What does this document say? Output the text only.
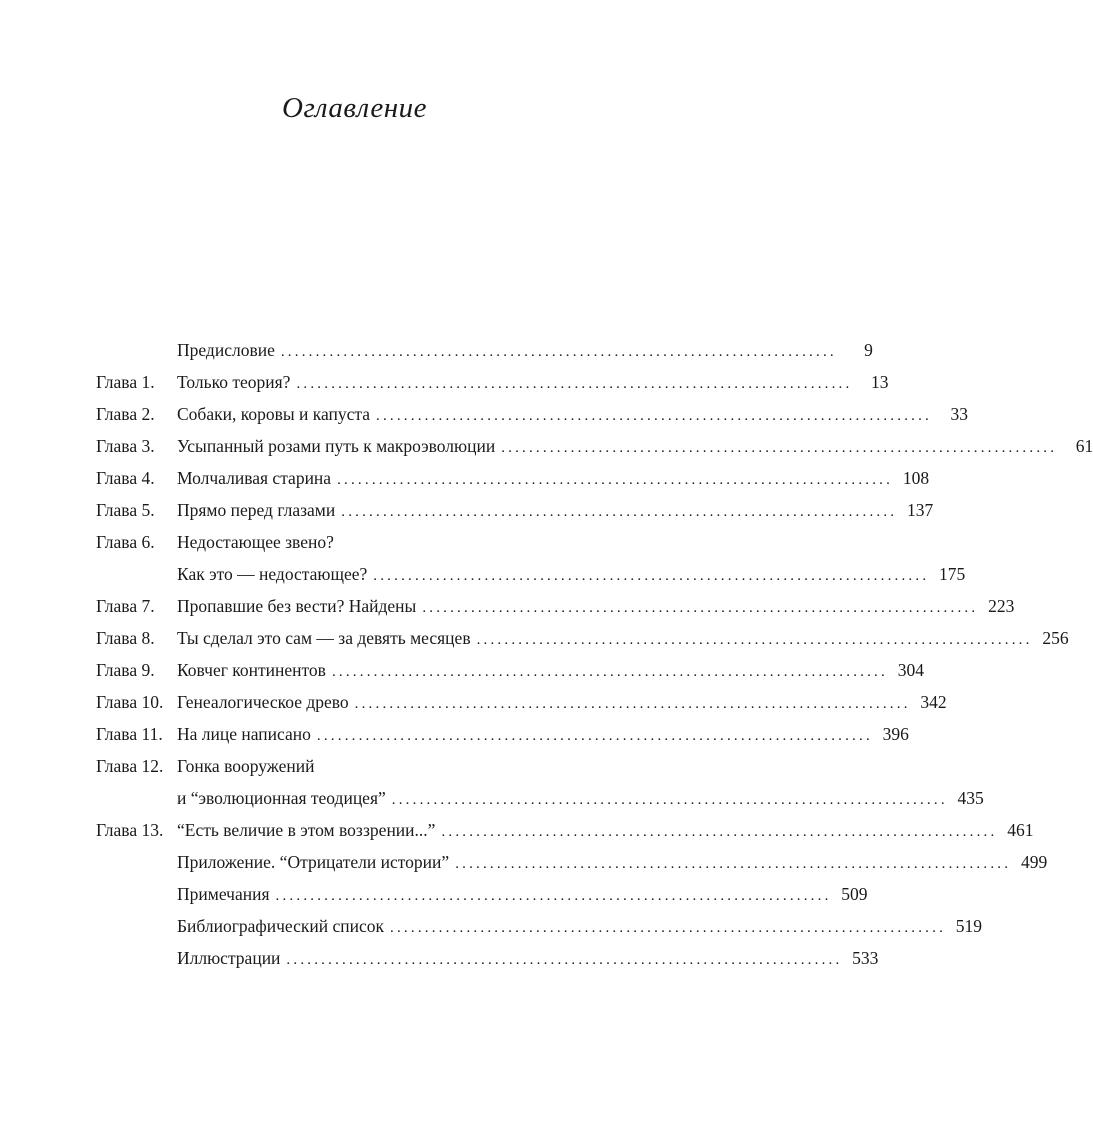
Оглавление
Предисловие ................................................................................	9
Глава 1. Только теория? ................................................................................	13
Глава 2. Собаки, коровы и капуста ................................................................................	33
Глава 3. Усыпанный розами путь к макроэволюции ................................................................................	61
Глава 4. Молчаливая старина ................................................................................ 108
Глава 5. Прямо перед глазами ................................................................................ 137
Глава 6. Недостающее звено?
Как это — недостающее? ................................................................................ 175
Глава 7. Пропавшие без вести? Найдены ................................................................................ 223
Глава 8. Ты сделал это сам — за девять месяцев ................................................................................ 256
Глава 9. Ковчег континентов ................................................................................ 304
Глава 10. Генеалогическое древо ................................................................................ 342
Глава 11. На лице написано ................................................................................ 396
Глава 12. Гонка вооружений
и “эволюционная теодицея” ................................................................................ 435
Глава 13. “Есть величие в этом воззрении...” ................................................................................ 461
Приложение. “Отрицатели истории” ................................................................................ 499
Примечания ................................................................................ 509
Библиографический список ................................................................................ 519
Иллюстрации ................................................................................ 533
